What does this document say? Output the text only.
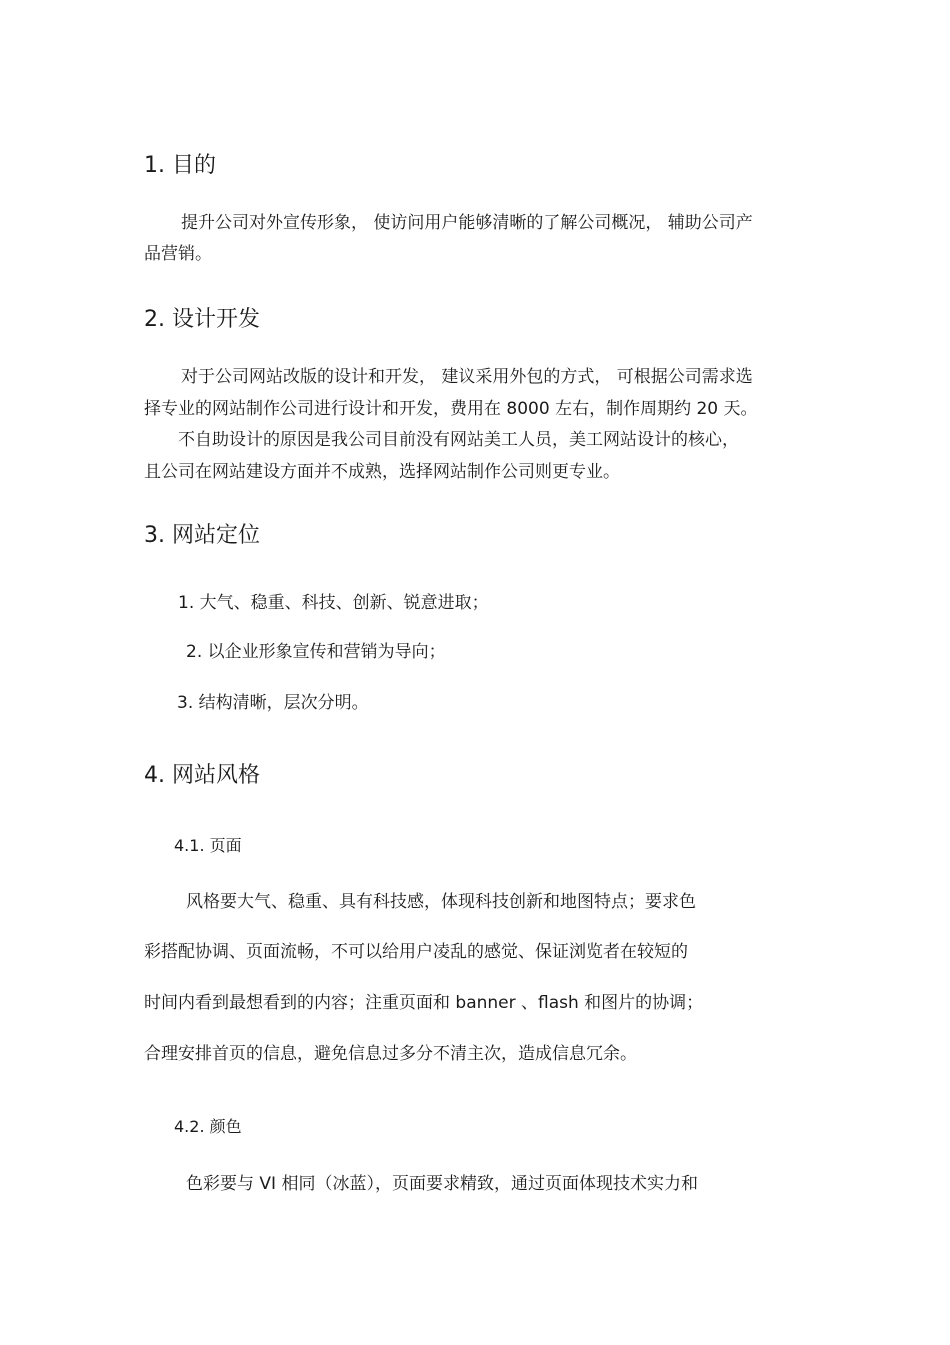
1. 目的
提升公司对外宣传形象， 使访问用户能够清晰的了解公司概况， 辅助公司产
品营销。
2. 设计开发
对于公司网站改版的设计和开发， 建议采用外包的方式， 可根据公司需求选
择专业的网站制作公司进行设计和开发，费用在 8000 左右，制作周期约 20 天。
不自助设计的原因是我公司目前没有网站美工人员，美工网站设计的核心，
且公司在网站建设方面并不成熟，选择网站制作公司则更专业。
3. 网站定位
1. 大气、稳重、科技、创新、锐意进取；
2. 以企业形象宣传和营销为导向；
3. 结构清晰，层次分明。
4. 网站风格
4.1. 页面
风格要大气、稳重、具有科技感，体现科技创新和地图特点；要求色
彩搭配协调、页面流畅，不可以给用户凌乱的感觉、保证浏览者在较短的
时间内看到最想看到的内容；注重页面和 banner 、flash 和图片的协调；
合理安排首页的信息，避免信息过多分不清主次，造成信息冗余。
4.2. 颜色
色彩要与 VI 相同（冰蓝），页面要求精致，通过页面体现技术实力和
